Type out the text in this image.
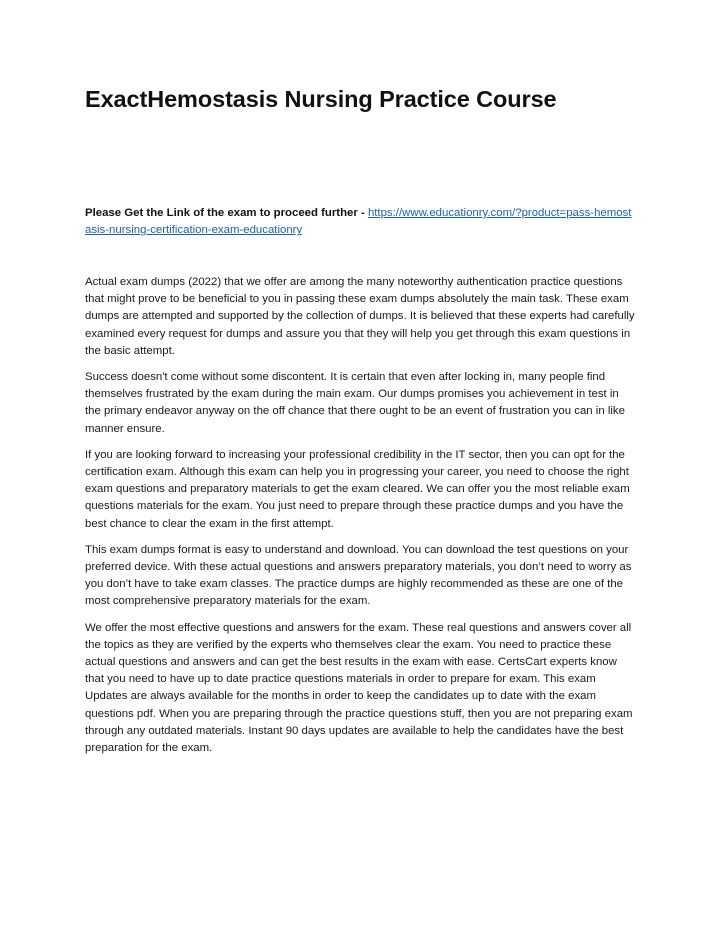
ExactHemostasis Nursing Practice Course

Please Get the Link of the exam to proceed further - https://www.educationry.com/?product=pass-hemostasis-nursing-certification-exam-educationry

Actual exam dumps (2022) that we offer are among the many noteworthy authentication practice questions that might prove to be beneficial to you in passing these exam dumps absolutely the main task. These exam dumps are attempted and supported by the collection of dumps. It is believed that these experts had carefully examined every request for dumps and assure you that they will help you get through this exam questions in the basic attempt.

Success doesn't come without some discontent. It is certain that even after locking in, many people find themselves frustrated by the exam during the main exam. Our dumps promises you achievement in test in the primary endeavor anyway on the off chance that there ought to be an event of frustration you can in like manner ensure.

If you are looking forward to increasing your professional credibility in the IT sector, then you can opt for the certification exam. Although this exam can help you in progressing your career, you need to choose the right exam questions and preparatory materials to get the exam cleared. We can offer you the most reliable exam questions materials for the exam. You just need to prepare through these practice dumps and you have the best chance to clear the exam in the first attempt.

This exam dumps format is easy to understand and download. You can download the test questions on your preferred device. With these actual questions and answers preparatory materials, you don’t need to worry as you don’t have to take exam classes. The practice dumps are highly recommended as these are one of the most comprehensive preparatory materials for the exam.

We offer the most effective questions and answers for the exam. These real questions and answers cover all the topics as they are verified by the experts who themselves clear the exam. You need to practice these actual questions and answers and can get the best results in the exam with ease. CertsCart experts know that you need to have up to date practice questions materials in order to prepare for exam. This exam Updates are always available for the months in order to keep the candidates up to date with the exam questions pdf. When you are preparing through the practice questions stuff, then you are not preparing exam through any outdated materials. Instant 90 days updates are available to help the candidates have the best preparation for the exam.
